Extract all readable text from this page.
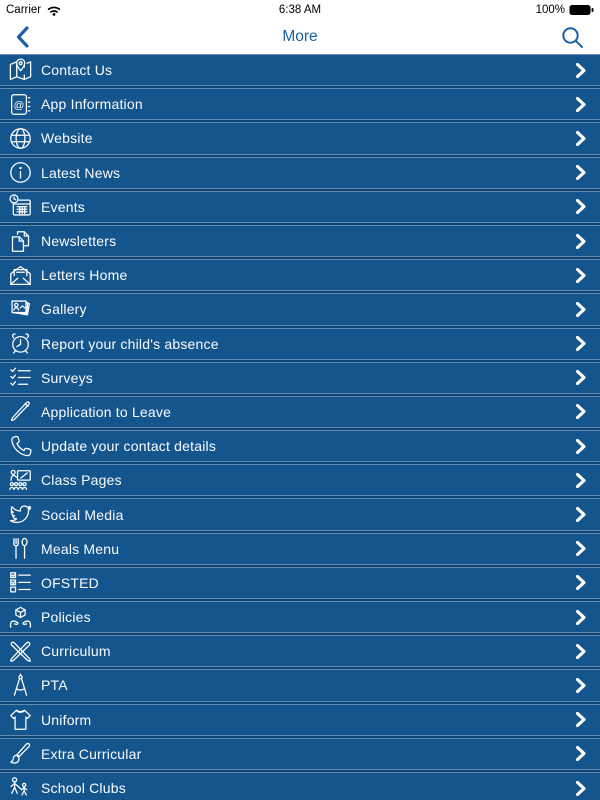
Carrier	6:38 AM	100%
More
Contact Us
@ App Information
Website
Latest News
Events
Newsletters
Letters Home
Gallery
Report your child's absence
Surveys
Application to Leave
Update your contact details
Class Pages
Social Media
Meals Menu
OFSTED
Policies
Curriculum
PTA
Uniform
Extra Curricular
School Clubs
